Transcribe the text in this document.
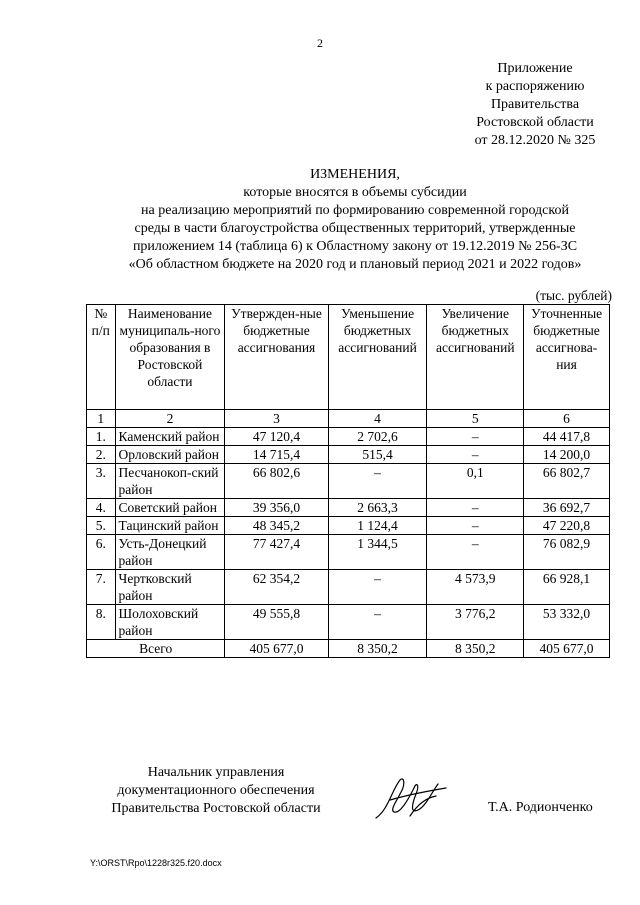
2
Приложение
к распоряжению
Правительства
Ростовской области
от 28.12.2020 № 325
ИЗМЕНЕНИЯ,
которые вносятся в объемы субсидии
на реализацию мероприятий по формированию современной городской
среды в части благоустройства общественных территорий, утвержденные
приложением 14 (таблица 6) к Областному закону от 19.12.2019 № 256-ЗС
«Об областном бюджете на 2020 год и плановый период 2021 и 2022 годов»
(тыс. рублей)
№ п/п	Наименование муниципаль-ного образования в Ростовской области	Утвержден-ные бюджетные ассигнования	Уменьшение бюджетных ассигнований	Увеличение бюджетных ассигнований	Уточненные бюджетные ассигнова-ния
1	2	3	4	5	6
1.	Каменский район	47 120,4	2 702,6	–	44 417,8
2.	Орловский район	14 715,4	515,4	–	14 200,0
3.	Песчанокоп-ский район	66 802,6	–	0,1	66 802,7
4.	Советский район	39 356,0	2 663,3	–	36 692,7
5.	Тацинский район	48 345,2	1 124,4	–	47 220,8
6.	Усть-Донецкий район	77 427,4	1 344,5	–	76 082,9
7.	Чертковский район	62 354,2	–	4 573,9	66 928,1
8.	Шолоховский район	49 555,8	–	3 776,2	53 332,0
Всего		405 677,0	8 350,2	8 350,2	405 677,0
Начальник управления
документационного обеспечения
Правительства Ростовской области	Т.А. Родионченко
Y:\ORST\Rpo\1228r325.f20.docx
